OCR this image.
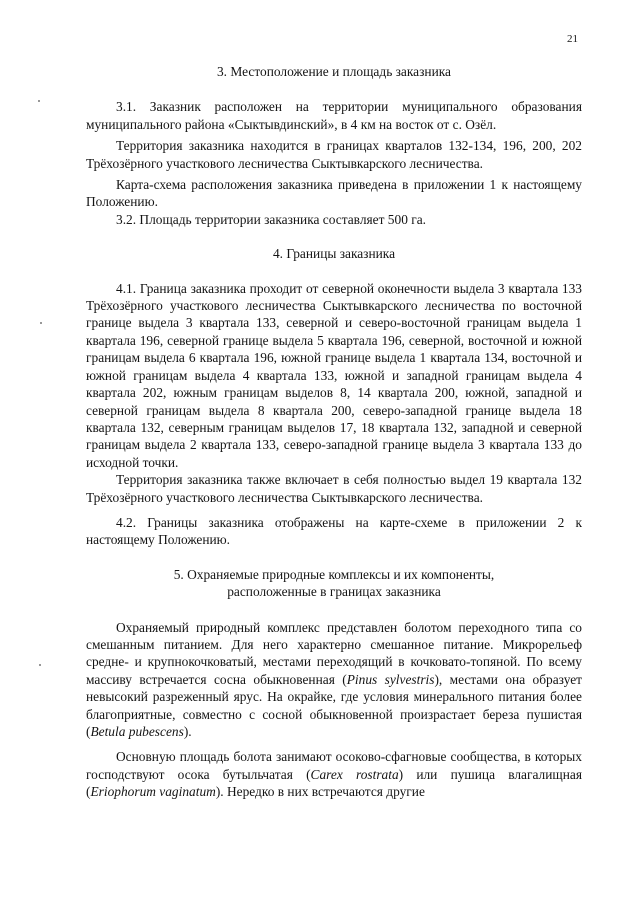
21
3. Местоположение и площадь заказника

3.1. Заказник расположен на территории муниципального образования муниципального района «Сыктывдинский», в 4 км на восток от с. Озёл.

Территория заказника находится в границах кварталов 132-134, 196, 200, 202 Трёхозёрного участкового лесничества Сыктывкарского лесничества.

Карта-схема расположения заказника приведена в приложении 1 к настоящему Положению.

3.2. Площадь территории заказника составляет 500 га.

4. Границы заказника

4.1. Граница заказника проходит от северной оконечности выдела 3 квартала 133 Трёхозёрного участкового лесничества Сыктывкарского лесничества по восточной границе выдела 3 квартала 133, северной и северо-восточной границам выдела 1 квартала 196, северной границе выдела 5 квартала 196, северной, восточной и южной границам выдела 6 квартала 196, южной границе выдела 1 квартала 134, восточной и южной границам выдела 4 квартала 133, южной и западной границам выдела 4 квартала 202, южным границам выделов 8, 14 квартала 200, южной, западной и северной границам выдела 8 квартала 200, северо-западной границе выдела 18 квартала 132, северным границам выделов 17, 18 квартала 132, западной и северной границам выдела 2 квартала 133, северо-западной границе выдела 3 квартала 133 до исходной точки.

Территория заказника также включает в себя полностью выдел 19 квартала 132 Трёхозёрного участкового лесничества Сыктывкарского лесничества.

4.2. Границы заказника отображены на карте-схеме в приложении 2 к настоящему Положению.

5. Охраняемые природные комплексы и их компоненты,
расположенные в границах заказника

Охраняемый природный комплекс представлен болотом переходного типа со смешанным питанием. Для него характерно смешанное питание. Микрорельеф средне- и крупнокочковатый, местами переходящий в кочковато-топяной. По всему массиву встречается сосна обыкновенная (Pinus sylvestris), местами она образует невысокий разреженный ярус. На окрайке, где условия минерального питания более благоприятные, совместно с сосной обыкновенной произрастает береза пушистая (Betula pubescens).

Основную площадь болота занимают осоково-сфагновые сообщества, в которых господствуют осока бутыльчатая (Carex rostrata) или пушица влагалищная (Eriophorum vaginatum). Нередко в них встречаются другие
